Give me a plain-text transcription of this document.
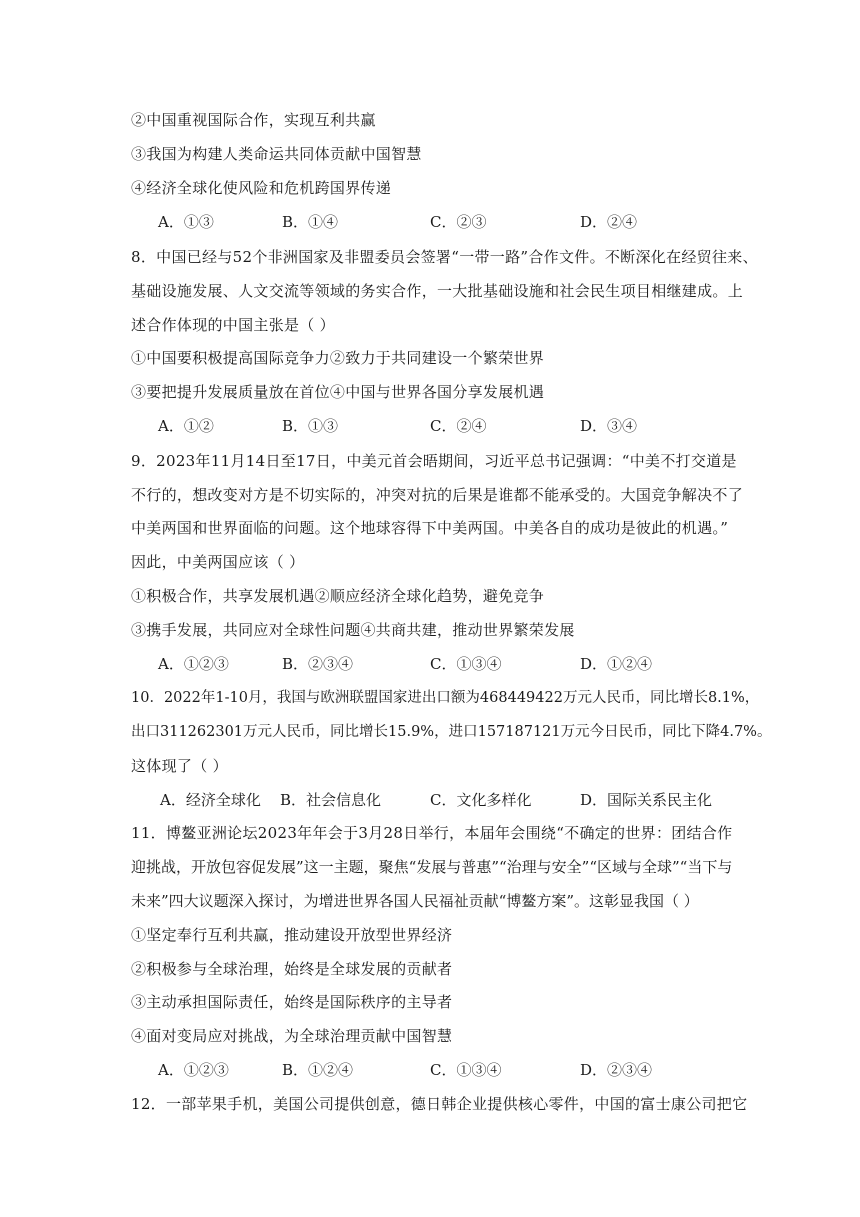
②中国重视国际合作，实现互利共赢
③我国为构建人类命运共同体贡献中国智慧
④经济全球化使风险和危机跨国界传递
A．①③	B．①④	C．②③	D．②④
8．中国已经与52个非洲国家及非盟委员会签署“一带一路”合作文件。不断深化在经贸往来、
基础设施发展、人文交流等领域的务实合作，一大批基础设施和社会民生项目相继建成。上
述合作体现的中国主张是（ ）
①中国要积极提高国际竞争力②致力于共同建设一个繁荣世界
③要把提升发展质量放在首位④中国与世界各国分享发展机遇
A．①②	B．①③	C．②④	D．③④
9．2023年11月14日至17日，中美元首会晤期间，习近平总书记强调：“中美不打交道是
不行的，想改变对方是不切实际的，冲突对抗的后果是谁都不能承受的。大国竞争解决不了
中美两国和世界面临的问题。这个地球容得下中美两国。中美各自的成功是彼此的机遇。”
因此，中美两国应该（ ）
①积极合作，共享发展机遇②顺应经济全球化趋势，避免竞争
③携手发展，共同应对全球性问题④共商共建，推动世界繁荣发展
A．①②③	B．②③④	C．①③④	D．①②④
10．2022年1-10月，我国与欧洲联盟国家进出口额为468449422万元人民币，同比增长8.1%，
出口311262301万元人民币，同比增长15.9%，进口157187121万元今日民币，同比下降4.7%。
这体现了（ ）
A．经济全球化 B．社会信息化	C．文化多样化	D．国际关系民主化
11．博鳌亚洲论坛2023年年会于3月28日举行，本届年会围绕“不确定的世界：团结合作
迎挑战，开放包容促发展”这一主题，聚焦“发展与普惠”“治理与安全”“区域与全球”“当下与
未来”四大议题深入探讨，为增进世界各国人民福祉贡献“博鳌方案”。这彰显我国（ ）
①坚定奉行互利共赢，推动建设开放型世界经济
②积极参与全球治理，始终是全球发展的贡献者
③主动承担国际责任，始终是国际秩序的主导者
④面对变局应对挑战，为全球治理贡献中国智慧
A．①②③	B．①②④	C．①③④	D．②③④
12．一部苹果手机，美国公司提供创意，德日韩企业提供核心零件，中国的富士康公司把它
